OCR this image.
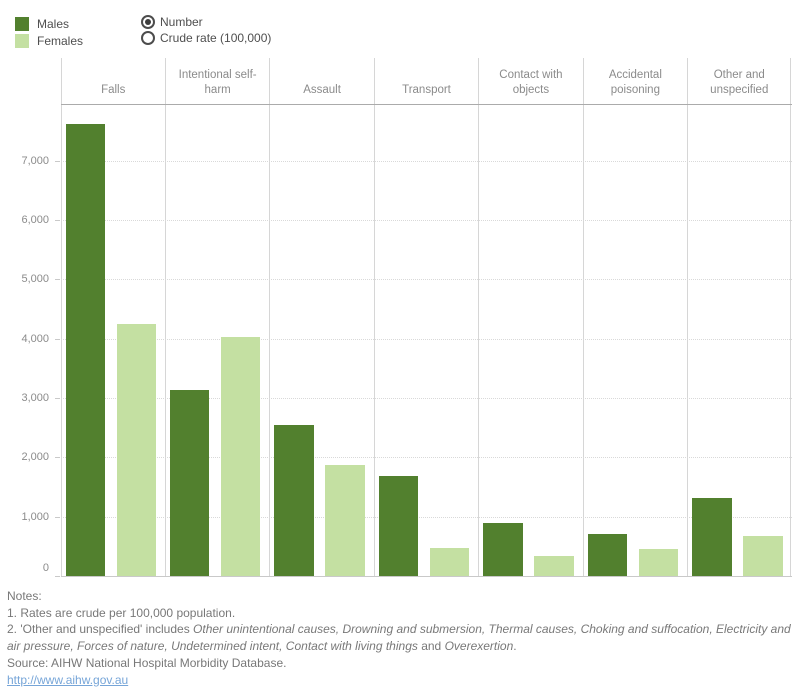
Males
Females
Number
Crude rate (100,000)
Falls
Intentional self-harm	Assault	Transport
Contact with objects
Accidental poisoning
Other and unspecified
0
1,000
2,000
3,000
4,000
5,000
6,000
7,000
Notes:
1. Rates are crude per 100,000 population.
2. 'Other and unspecified' includes Other unintentional causes, Drowning and submersion, Thermal causes, Choking and suffocation, Electricity and air pressure, Forces of nature, Undetermined intent, Contact with living things and Overexertion.
Source: AIHW National Hospital Morbidity Database.
http://www.aihw.gov.au
